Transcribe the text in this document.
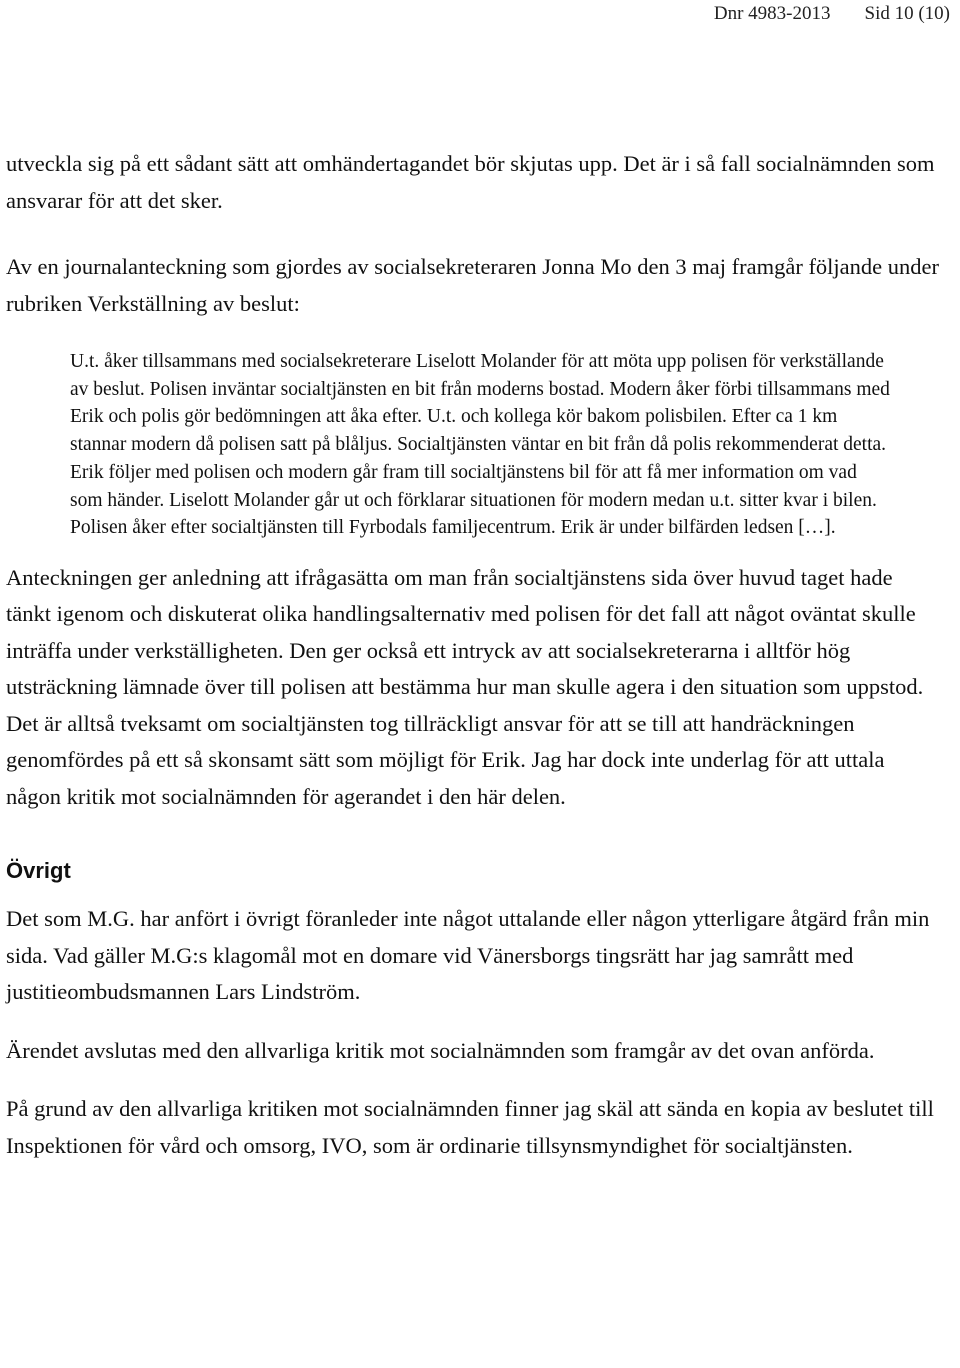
Dnr 4983-2013 Sid 10 (10)

utveckla sig på ett sådant sätt att omhändertagandet bör skjutas upp. Det är i så fall socialnämnden som ansvarar för att det sker.

Av en journalanteckning som gjordes av socialsekreteraren Jonna Mo den 3 maj framgår följande under rubriken Verkställning av beslut:

U.t. åker tillsammans med socialsekreterare Liselott Molander för att möta upp polisen för verkställande av beslut. Polisen inväntar socialtjänsten en bit från moderns bostad. Modern åker förbi tillsammans med Erik och polis gör bedömningen att åka efter. U.t. och kollega kör bakom polisbilen. Efter ca 1 km stannar modern då polisen satt på blåljus. Socialtjänsten väntar en bit från då polis rekommenderat detta. Erik följer med polisen och modern går fram till socialtjänstens bil för att få mer information om vad som händer. Liselott Molander går ut och förklarar situationen för modern medan u.t. sitter kvar i bilen. Polisen åker efter socialtjänsten till Fyrbodals familjecentrum. Erik är under bilfärden ledsen […].

Anteckningen ger anledning att ifrågasätta om man från socialtjänstens sida över huvud taget hade tänkt igenom och diskuterat olika handlingsalternativ med polisen för det fall att något oväntat skulle inträffa under verkställigheten. Den ger också ett intryck av att socialsekreterarna i alltför hög utsträckning lämnade över till polisen att bestämma hur man skulle agera i den situation som uppstod. Det är alltså tveksamt om socialtjänsten tog tillräckligt ansvar för att se till att handräckningen genomfördes på ett så skonsamt sätt som möjligt för Erik. Jag har dock inte underlag för att uttala någon kritik mot socialnämnden för agerandet i den här delen.

Övrigt

Det som M.G. har anfört i övrigt föranleder inte något uttalande eller någon ytterligare åtgärd från min sida. Vad gäller M.G:s klagomål mot en domare vid Vänersborgs tingsrätt har jag samrått med justitieombudsmannen Lars Lindström.

Ärendet avslutas med den allvarliga kritik mot socialnämnden som framgår av det ovan anförda.

På grund av den allvarliga kritiken mot socialnämnden finner jag skäl att sända en kopia av beslutet till Inspektionen för vård och omsorg, IVO, som är ordinarie tillsynsmyndighet för socialtjänsten.
